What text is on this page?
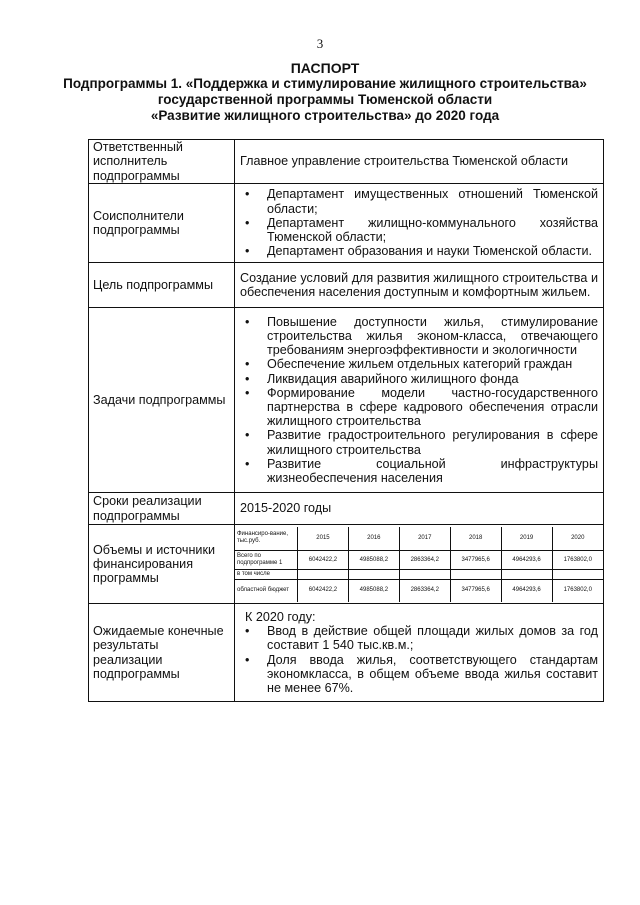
3
ПАСПОРТ
Подпрограммы 1. «Поддержка и стимулирование жилищного строительства»
государственной программы Тюменской области
«Развитие жилищного строительства» до 2020 года
Ответственный исполнитель подпрограммы	Главное управление строительства Тюменской области
Соисполнители подпрограммы	
• Департамент имущественных отношений Тюменской области;
• Департамент жилищно-коммунального хозяйства Тюменской области;
• Департамент образования и науки Тюменской области.

Цель подпрограммы	Создание условий для развития жилищного строительства и обеспечения населения доступным и комфортным жильем.
Задачи подпрограммы	
• Повышение доступности жилья, стимулирование строительства жилья эконом-класса, отвечающего требованиям энергоэффективности и экологичности
• Обеспечение жильем отдельных категорий граждан
• Ликвидация аварийного жилищного фонда
• Формирование модели частно-государственного партнерства в сфере кадрового обеспечения отрасли жилищного строительства
• Развитие градостроительного регулирования в сфере жилищного строительства
• Развитие социальной инфраструктуры жизнеобеспечения населения

Сроки реализации подпрограммы	2015-2020 годы
Объемы и источники финансирования программы	
Финансиро-вание, тыс.руб.	2015	2016	2017	2018	2019	2020
Всего по подпрограмме 1	6042422,2	4985088,2	2863364,2	3477965,6	4964293,6	1763802,0
в том числе						
областной бюджет	6042422,2	4985088,2	2863364,2	3477965,6	4964293,6	1763802,0

Ожидаемые конечные результаты реализации подпрограммы	
К 2020 году:
• Ввод в действие общей площади жилых домов за год составит 1 540 тыс.кв.м.;
• Доля ввода жилья, соответствующего стандартам экономкласса, в общем объеме ввода жилья составит не менее 67%.
